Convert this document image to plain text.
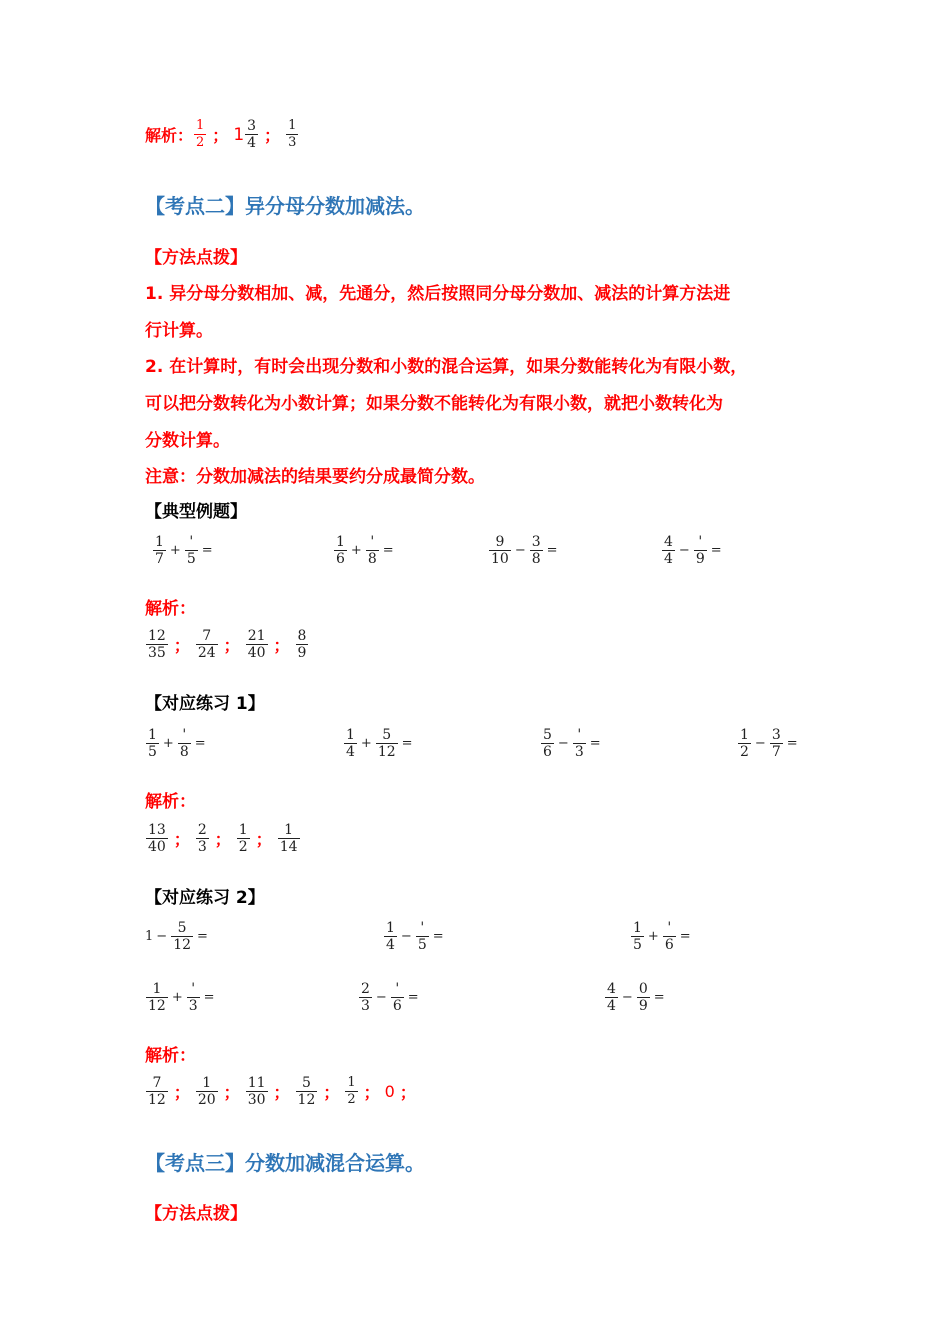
解析： $\frac{1}{2}$ ； $1 \frac{3}{4}$ ； $\frac{1}{3}$
【考点二】异分母分数加减法。
【方法点拨】
1. 异分母分数相加、减，先通分，然后按照同分母分数加、减法的计算方法进
行计算。
2. 在计算时，有时会出现分数和小数的混合运算，如果分数能转化为有限小数，
可以把分数转化为小数计算；如果分数不能转化为有限小数，就把小数转化为
分数计算。
注意：分数加减法的结果要约分成最简分数。
【典型例题】
$\frac{1}{7} + \frac{'}{5}$ =	$\frac{1}{6} + \frac{'}{8}$ =	$\frac{9}{10} - \frac{3}{8}$ =	$\frac{4}{4} - \frac{'}{9}$ =
解析：
$\frac{12}{35}$ ； $\frac{7}{24}$ ； $\frac{21}{40}$ ； $\frac{8}{9}$
【对应练习 1】
$\frac{1}{5} + \frac{'}{8}$ =	$\frac{1}{4} + \frac{5}{12}$ =	$\frac{5}{6} - \frac{'}{3}$ =	$\frac{1}{2} - \frac{3}{7}$ =
解析：
$\frac{13}{40}$ ； $\frac{2}{3}$ ； $\frac{1}{2}$ ； $\frac{1}{14}$
【对应练习 2】
$1 - \frac{5}{12}$ =	$\frac{1}{4} - \frac{'}{5}$ =	$\frac{1}{5} + \frac{'}{6}$ =
$\frac{1}{12} + \frac{'}{3}$ =	$\frac{2}{3} - \frac{'}{6}$ =	$\frac{4}{4} - \frac{0}{9}$ =
解析：
$\frac{7}{12}$ ； $\frac{1}{20}$ ； $\frac{11}{30}$ ； $\frac{5}{12}$ ； $\frac{1}{2}$ ； 0 ；
【考点三】分数加减混合运算。
【方法点拨】
